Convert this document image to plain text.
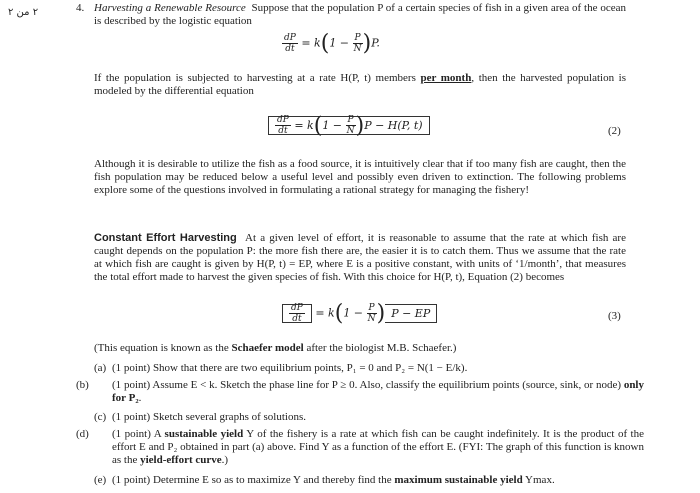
۲ من ۲	4. Harvesting a Renewable Resource Suppose that the population P of a certain species of fish in a given area of the ocean is described by the logistic equation
$\frac{dP}{dt} = k(1 - \frac{P}{N} )P$.
If the population is subjected to harvesting at a rate H(P, t) members per month, then the harvested population is modeled by the differential equation
$\frac{dP}{dt} = k(1 - \frac{P}{N} )P - H(P$, t)	(2)
Although it is desirable to utilize the fish as a food source, it is intuitively clear that if too many fish are caught, then the fish population may be reduced below a useful level and possibly even driven to extinction. The following problems explore some of the questions involved in formulating a rational strategy for managing the fishery!
Constant Effort Harvesting At a given level of effort, it is reasonable to assume that the rate at which fish are caught depends on the population P: the more fish there are, the easier it is to catch them. Thus we assume that the rate at which fish are caught is given by H(P, t) = EP, where E is a positive constant, with units of ‘1/month’, that measures the total effort made to harvest the given species of fish. With this choice for H(P, t), Equation (2) becomes
$\frac{dP}{dt} = k(1 - \frac{P}{N}$ ) P − EP	(3)
(This equation is known as the Schaefer model after the biologist M.B. Schaefer.)
(a) (1 point) Show that there are two equilibrium points, P₁ = 0 and P₂ = N(1 − E/k).
(b) (1 point) Assume E < k. Sketch the phase line for P ≥ 0. Also, classify the equilibrium points (source, sink, or node) only for P₂.
(c) (1 point) Sketch several graphs of solutions.
(d) (1 point) A sustainable yield Y of the fishery is a rate at which fish can be caught indefinitely. It is the product of the effort E and P₂ obtained in part (a) above. Find Y as a function of the effort E. (FYI: The graph of this function is known as the yield-effort curve.)
(e) (1 point) Determine E so as to maximize Y and thereby find the maximum sustainable yield Ymax.
